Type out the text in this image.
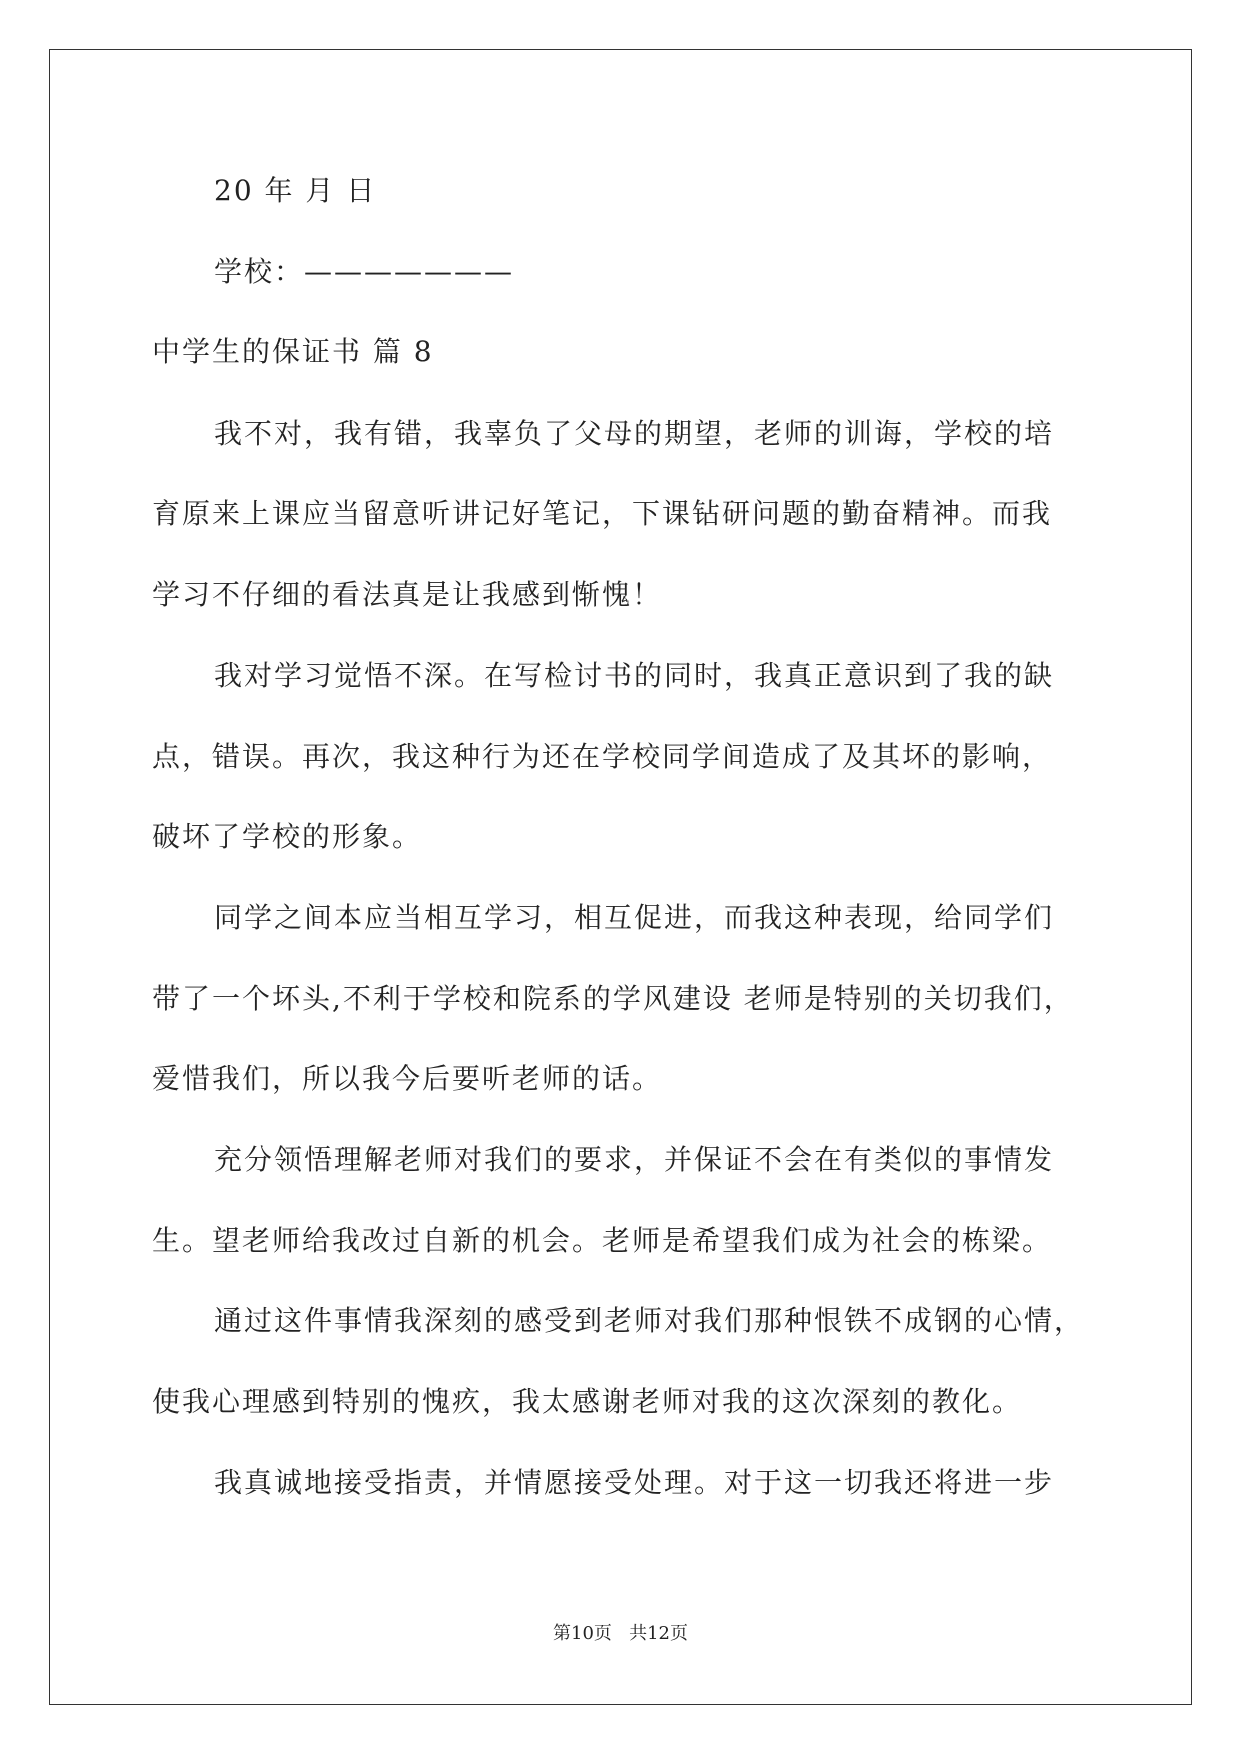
20 年 月 日
学校：———————
中学生的保证书 篇 8
我不对，我有错，我辜负了父母的期望，老师的训诲，学校的培
育原来上课应当留意听讲记好笔记，下课钻研问题的勤奋精神。而我
学习不仔细的看法真是让我感到惭愧！
我对学习觉悟不深。在写检讨书的同时，我真正意识到了我的缺
点，错误。再次，我这种行为还在学校同学间造成了及其坏的影响，
破坏了学校的形象。
同学之间本应当相互学习，相互促进，而我这种表现，给同学们
带了一个坏头,不利于学校和院系的学风建设 老师是特别的关切我们，
爱惜我们，所以我今后要听老师的话。
充分领悟理解老师对我们的要求，并保证不会在有类似的事情发
生。望老师给我改过自新的机会。老师是希望我们成为社会的栋梁。
通过这件事情我深刻的感受到老师对我们那种恨铁不成钢的心情，
使我心理感到特别的愧疚，我太感谢老师对我的这次深刻的教化。
我真诚地接受指责，并情愿接受处理。对于这一切我还将进一步
第10页   共12页
